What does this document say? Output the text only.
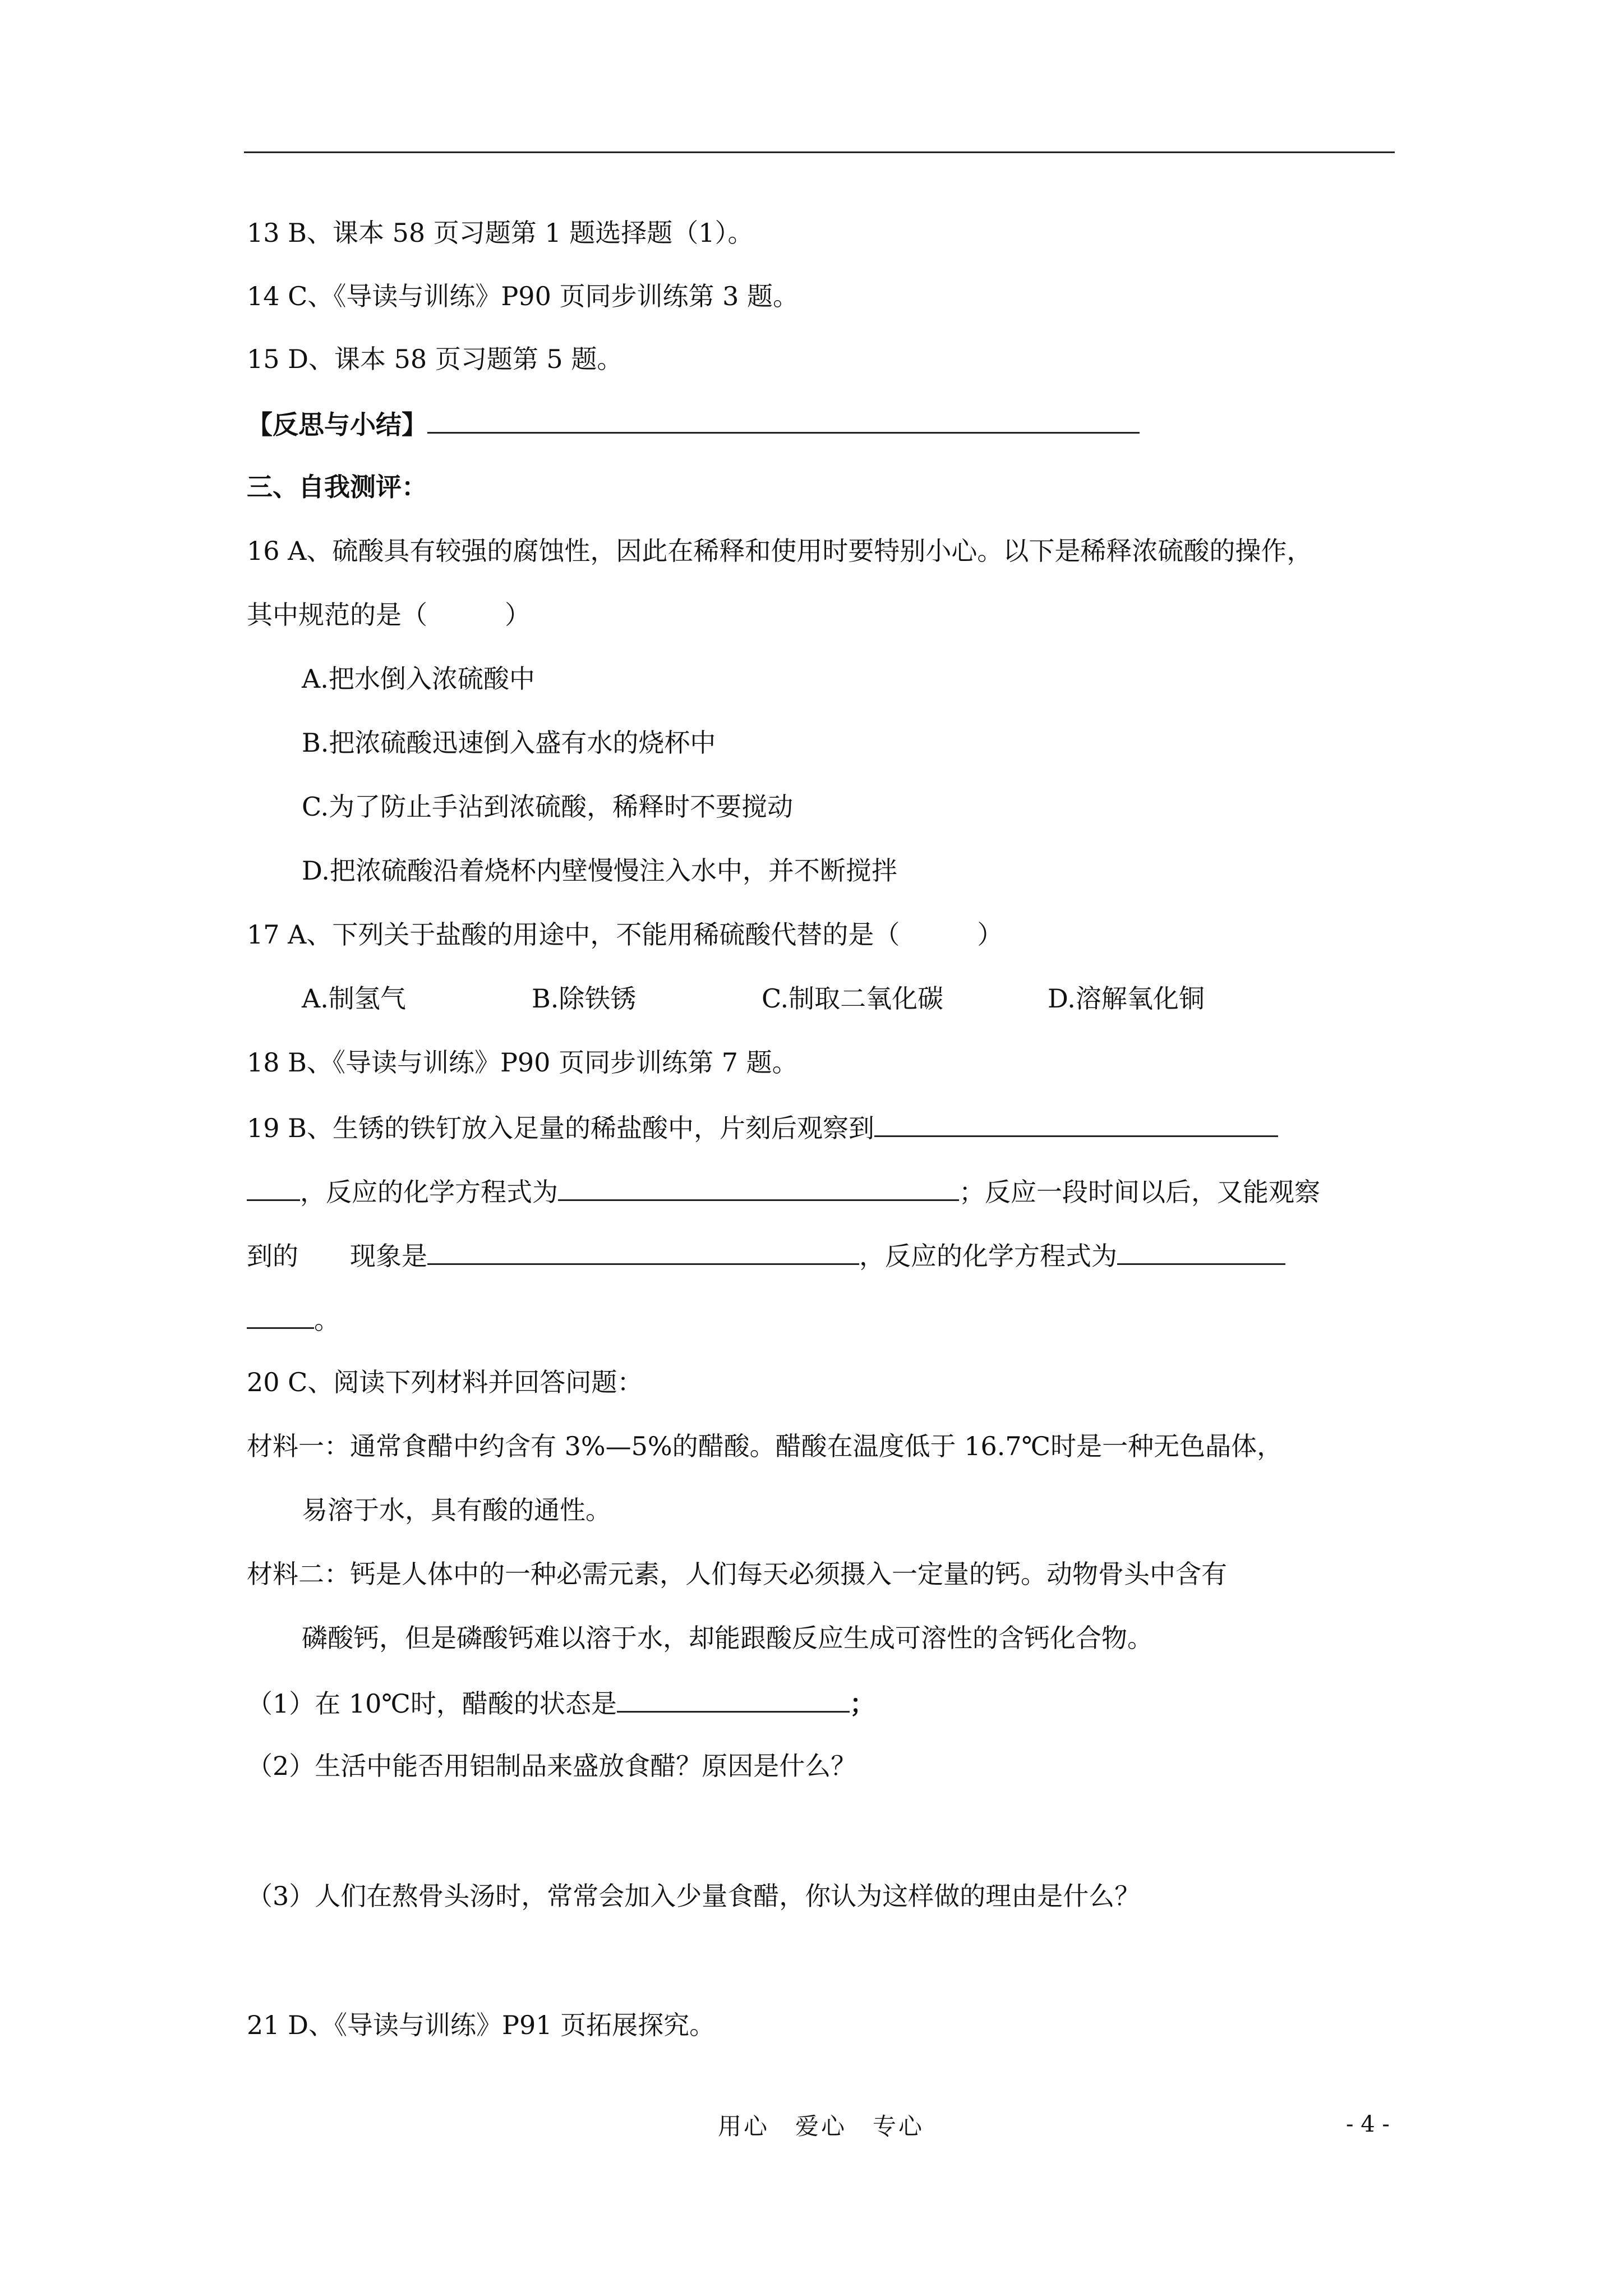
13 B、课本 58 页习题第 1 题选择题（1）。
14 C、《导读与训练》P90 页同步训练第 3 题。
15 D、课本 58 页习题第 5 题。
【反思与小结】
三、自我测评：
16 A、硫酸具有较强的腐蚀性，因此在稀释和使用时要特别小心。以下是稀释浓硫酸的操作，
其中规范的是（　　　）
A.把水倒入浓硫酸中
B.把浓硫酸迅速倒入盛有水的烧杯中
C.为了防止手沾到浓硫酸，稀释时不要搅动
D.把浓硫酸沿着烧杯内壁慢慢注入水中，并不断搅拌
17 A、下列关于盐酸的用途中，不能用稀硫酸代替的是（　　　）
A.制氢气	B.除铁锈	C.制取二氧化碳	D.溶解氧化铜
18 B、《导读与训练》P90 页同步训练第 7 题。
19 B、生锈的铁钉放入足量的稀盐酸中，片刻后观察到
，反应的化学方程式为	；反应一段时间以后，又能观察
到的　　现象是	，反应的化学方程式为
。
20 C、阅读下列材料并回答问题：
材料一：通常食醋中约含有 3%—5%的醋酸。醋酸在温度低于 16.7℃时是一种无色晶体，
易溶于水，具有酸的通性。
材料二：钙是人体中的一种必需元素，人们每天必须摄入一定量的钙。动物骨头中含有
磷酸钙，但是磷酸钙难以溶于水，却能跟酸反应生成可溶性的含钙化合物。
（1）在 10℃时，醋酸的状态是	；
（2）生活中能否用铝制品来盛放食醋？原因是什么？
（3）人们在熬骨头汤时，常常会加入少量食醋，你认为这样做的理由是什么？
21 D、《导读与训练》P91 页拓展探究。
用心　爱心　专心	- 4 -
